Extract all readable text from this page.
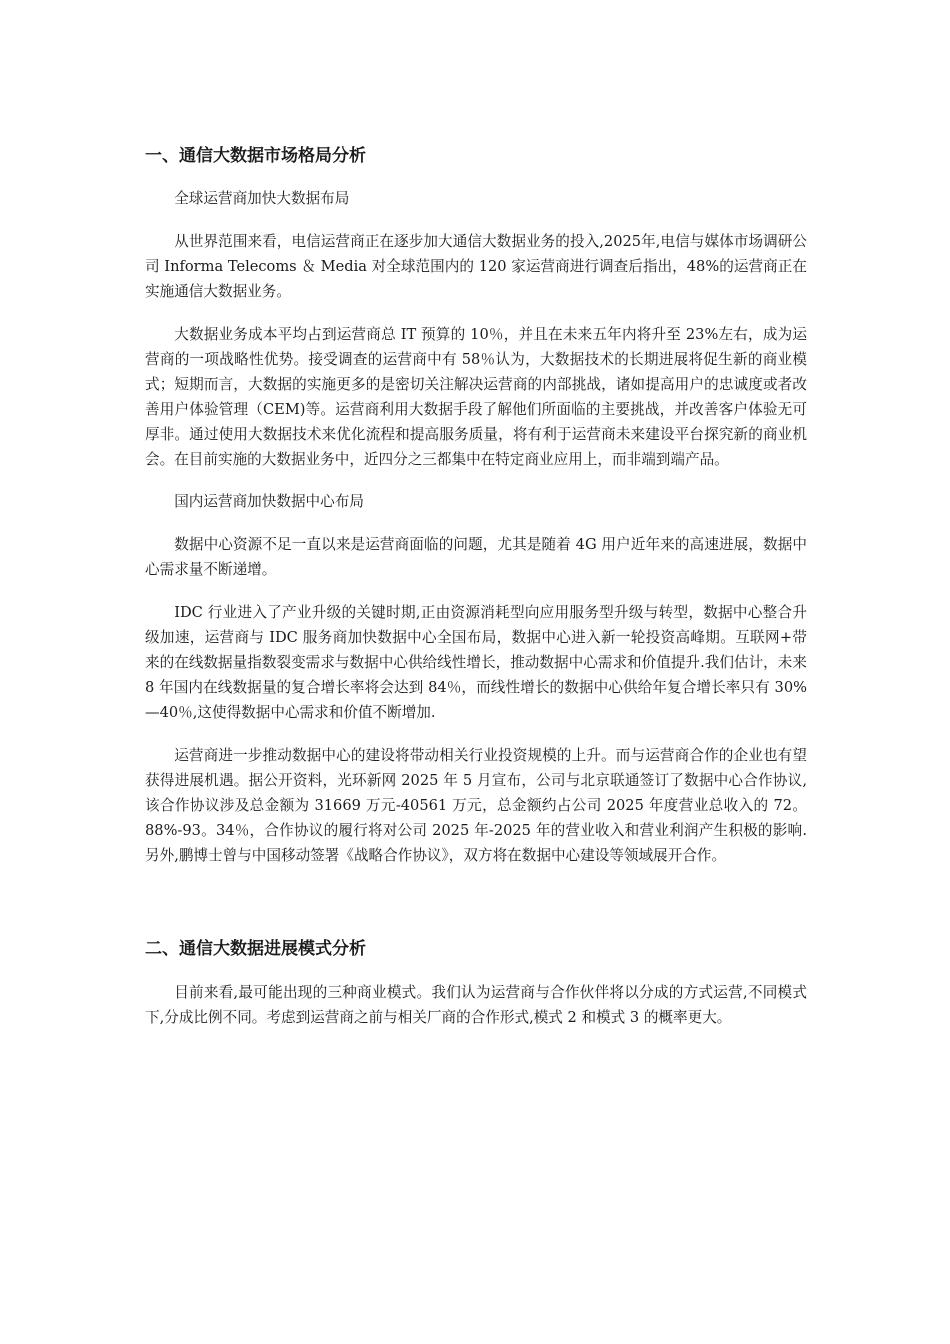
一、通信大数据市场格局分析

全球运营商加快大数据布局

从世界范围来看，电信运营商正在逐步加大通信大数据业务的投入,2025年,电信与媒体市场调研公司 Informa Telecoms ＆ Media 对全球范围内的 120 家运营商进行调查后指出，48%的运营商正在实施通信大数据业务。

大数据业务成本平均占到运营商总 IT 预算的 10％，并且在未来五年内将升至 23%左右，成为运营商的一项战略性优势。接受调查的运营商中有 58％认为，大数据技术的长期进展将促生新的商业模式；短期而言，大数据的实施更多的是密切关注解决运营商的内部挑战，诸如提高用户的忠诚度或者改善用户体验管理（CEM)等。运营商利用大数据手段了解他们所面临的主要挑战，并改善客户体验无可厚非。通过使用大数据技术来优化流程和提高服务质量，将有利于运营商未来建设平台探究新的商业机会。在目前实施的大数据业务中，近四分之三都集中在特定商业应用上，而非端到端产品。

国内运营商加快数据中心布局

数据中心资源不足一直以来是运营商面临的问题，尤其是随着 4G 用户近年来的高速进展，数据中心需求量不断递增。

IDC 行业进入了产业升级的关键时期,正由资源消耗型向应用服务型升级与转型，数据中心整合升级加速，运营商与 IDC 服务商加快数据中心全国布局，数据中心进入新一轮投资高峰期。互联网+带来的在线数据量指数裂变需求与数据中心供给线性增长，推动数据中心需求和价值提升.我们估计，未来 8 年国内在线数据量的复合增长率将会达到 84％，而线性增长的数据中心供给年复合增长率只有 30%—40％,这使得数据中心需求和价值不断增加.

运营商进一步推动数据中心的建设将带动相关行业投资规模的上升。而与运营商合作的企业也有望获得进展机遇。据公开资料，光环新网 2025 年 5 月宣布，公司与北京联通签订了数据中心合作协议,该合作协议涉及总金额为 31669 万元-40561 万元，总金额约占公司 2025 年度营业总收入的 72。88%-93。34％，合作协议的履行将对公司 2025 年-2025 年的营业收入和营业利润产生积极的影响.另外,鹏博士曾与中国移动签署《战略合作协议》，双方将在数据中心建设等领域展开合作。

二、通信大数据进展模式分析

目前来看,最可能出现的三种商业模式。我们认为运营商与合作伙伴将以分成的方式运营,不同模式下,分成比例不同。考虑到运营商之前与相关厂商的合作形式,模式 2 和模式 3 的概率更大。
